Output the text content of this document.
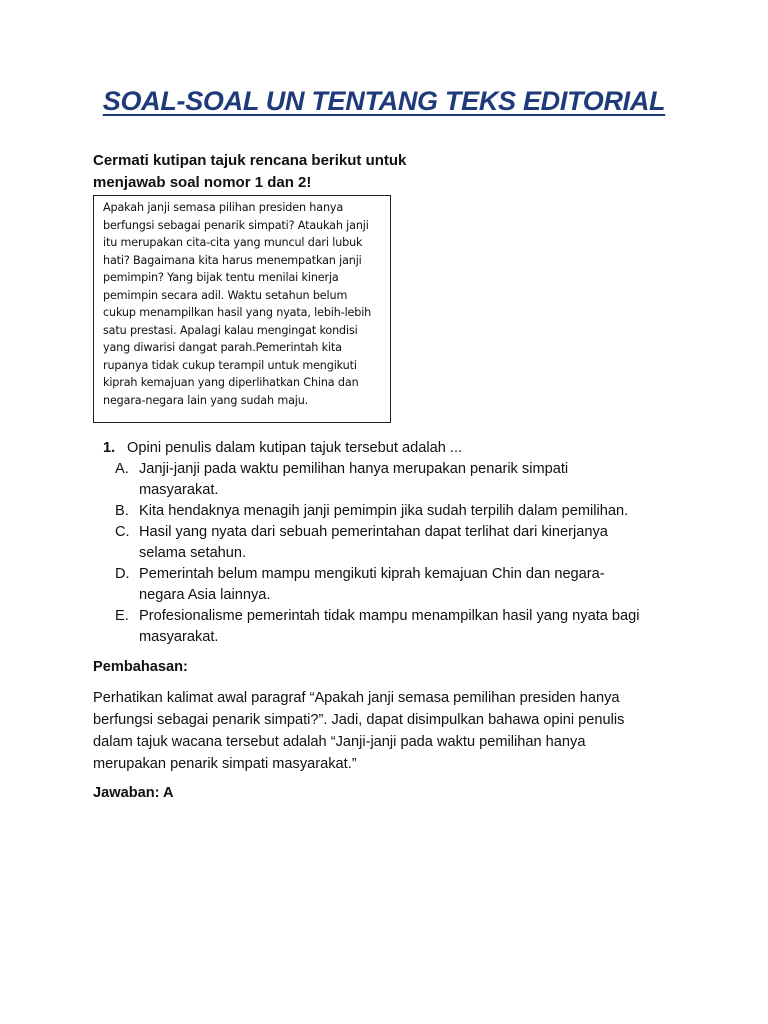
SOAL-SOAL UN TENTANG TEKS EDITORIAL
Cermati kutipan tajuk rencana berikut untuk
menjawab soal nomor 1 dan 2!
Apakah janji semasa pilihan presiden hanya
berfungsi sebagai penarik simpati? Ataukah janji
itu merupakan cita-cita yang muncul dari lubuk
hati? Bagaimana kita harus menempatkan janji
pemimpin? Yang bijak tentu menilai kinerja
pemimpin secara adil. Waktu setahun belum
cukup menampilkan hasil yang nyata, lebih-lebih
satu prestasi. Apalagi kalau mengingat kondisi
yang diwarisi dangat parah.Pemerintah kita
rupanya tidak cukup terampil untuk mengikuti
kiprah kemajuan yang diperlihatkan China dan
negara-negara lain yang sudah maju.
1. Opini penulis dalam kutipan tajuk tersebut adalah ...
A. Janji-janji pada waktu pemilihan hanya merupakan penarik simpati
masyarakat.
B. Kita hendaknya menagih janji pemimpin jika sudah terpilih dalam pemilihan.
C. Hasil yang nyata dari sebuah pemerintahan dapat terlihat dari kinerjanya
selama setahun.
D. Pemerintah belum mampu mengikuti kiprah kemajuan Chin dan negara-
negara Asia lainnya.
E. Profesionalisme pemerintah tidak mampu menampilkan hasil yang nyata bagi
masyarakat.
Pembahasan:
Perhatikan kalimat awal paragraf “Apakah janji semasa pemilihan presiden hanya
berfungsi sebagai penarik simpati?”. Jadi, dapat disimpulkan bahawa opini penulis
dalam tajuk wacana tersebut adalah “Janji-janji pada waktu pemilihan hanya
merupakan penarik simpati masyarakat.”
Jawaban: A
